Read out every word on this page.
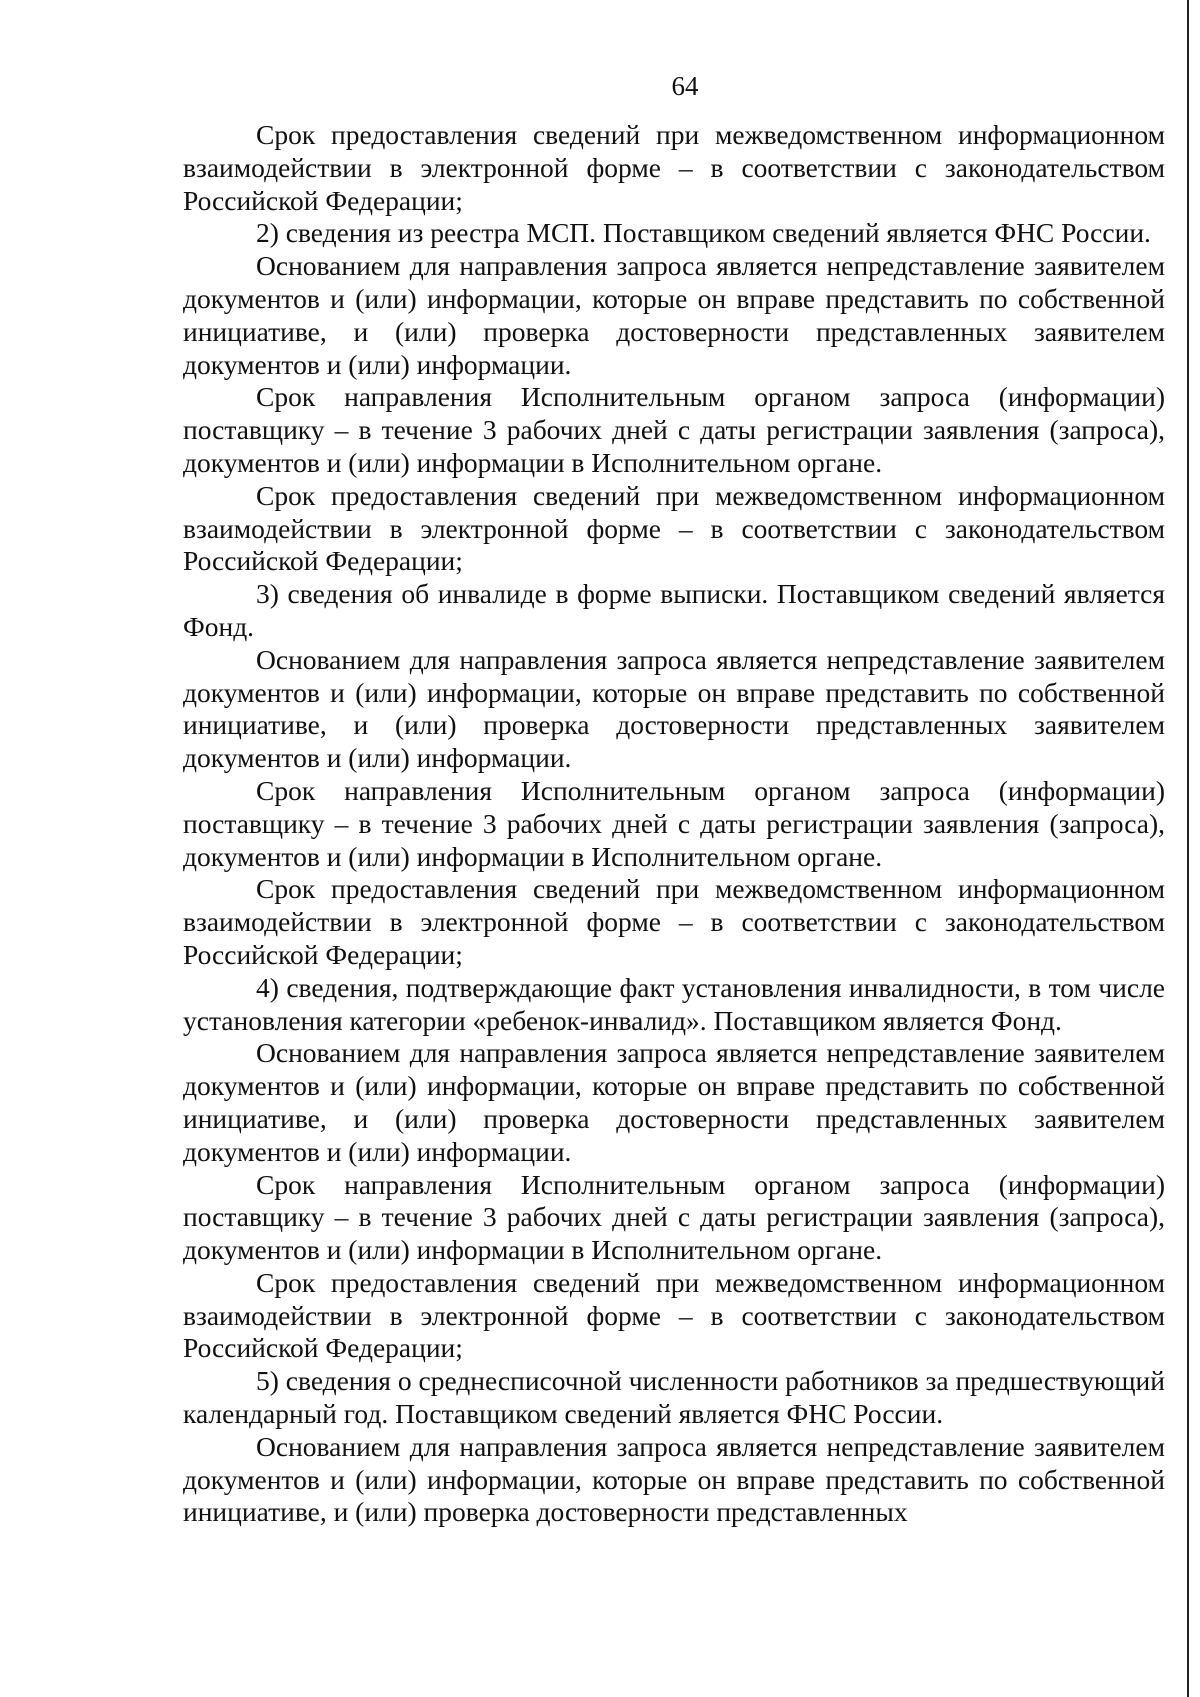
64

Срок предоставления сведений при межведомственном информационном взаимодействии в электронной форме – в соответствии с законодательством Российской Федерации;

2) сведения из реестра МСП. Поставщиком сведений является ФНС России.

Основанием для направления запроса является непредставление заявителем документов и (или) информации, которые он вправе представить по собственной инициативе, и (или) проверка достоверности представленных заявителем документов и (или) информации.

Срок направления Исполнительным органом запроса (информации) поставщику – в течение 3 рабочих дней с даты регистрации заявления (запроса), документов и (или) информации в Исполнительном органе.

Срок предоставления сведений при межведомственном информационном взаимодействии в электронной форме – в соответствии с законодательством Российской Федерации;

3) сведения об инвалиде в форме выписки. Поставщиком сведений является Фонд.

Основанием для направления запроса является непредставление заявителем документов и (или) информации, которые он вправе представить по собственной инициативе, и (или) проверка достоверности представленных заявителем документов и (или) информации.

Срок направления Исполнительным органом запроса (информации) поставщику – в течение 3 рабочих дней с даты регистрации заявления (запроса), документов и (или) информации в Исполнительном органе.

Срок предоставления сведений при межведомственном информационном взаимодействии в электронной форме – в соответствии с законодательством Российской Федерации;

4) сведения, подтверждающие факт установления инвалидности, в том числе установления категории «ребенок-инвалид». Поставщиком является Фонд.

Основанием для направления запроса является непредставление заявителем документов и (или) информации, которые он вправе представить по собственной инициативе, и (или) проверка достоверности представленных заявителем документов и (или) информации.

Срок направления Исполнительным органом запроса (информации) поставщику – в течение 3 рабочих дней с даты регистрации заявления (запроса), документов и (или) информации в Исполнительном органе.

Срок предоставления сведений при межведомственном информационном взаимодействии в электронной форме – в соответствии с законодательством Российской Федерации;

5) сведения о среднесписочной численности работников за предшествующий календарный год. Поставщиком сведений является ФНС России.

Основанием для направления запроса является непредставление заявителем документов и (или) информации, которые он вправе представить по собственной инициативе, и (или) проверка достоверности представленных
